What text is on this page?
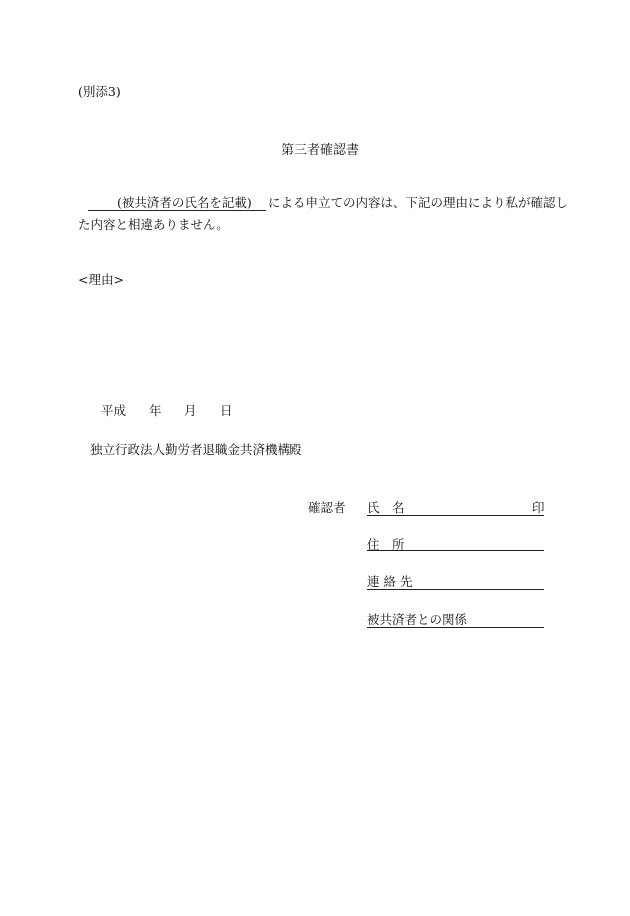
(別添3)
第三者確認書
(被共済者の氏名を記載) による申立ての内容は、下記の理由により私が確認し
た内容と相違ありません。
<理由>
平成 年 月 日
独立行政法人勤労者退職金共済機構
殿
確認者 氏　名	印
住　所
連 絡 先
被共済者との関係
